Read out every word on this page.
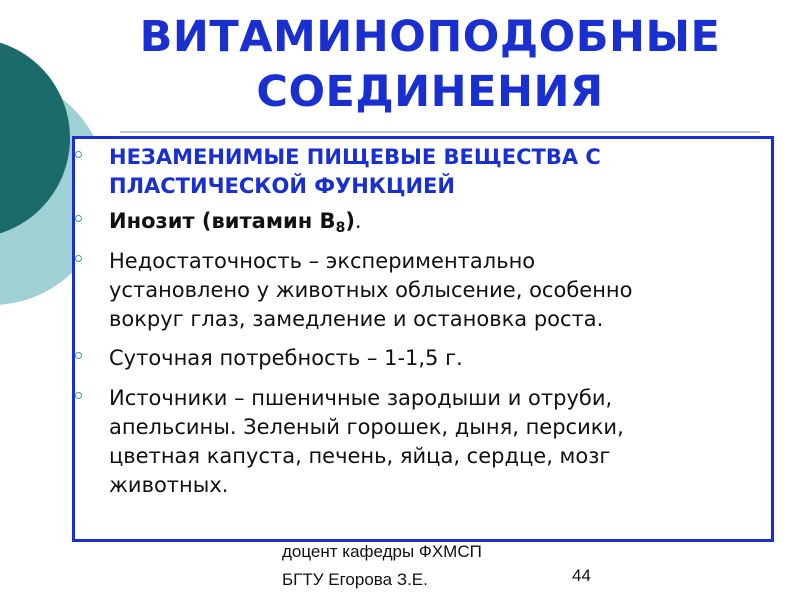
ВИТАМИНОПОДОБНЫЕ
СОЕДИНЕНИЯ
НЕЗАМЕНИМЫЕ ПИЩЕВЫЕ ВЕЩЕСТВА С
ПЛАСТИЧЕСКОЙ ФУНКЦИЕЙ
Инозит (витамин $B_8$).
Недостаточность – экспериментально
установлено у животных облысение, особенно
вокруг глаз, замедление и остановка роста.
Суточная потребность – 1-1,5 г.
Источники – пшеничные зародыши и отруби,
апельсины. Зеленый горошек, дыня, персики,
цветная капуста, печень, яйца, сердце, мозг
животных.
доцент кафедры ФХМСП
БГТУ Егорова З.Е.	44
